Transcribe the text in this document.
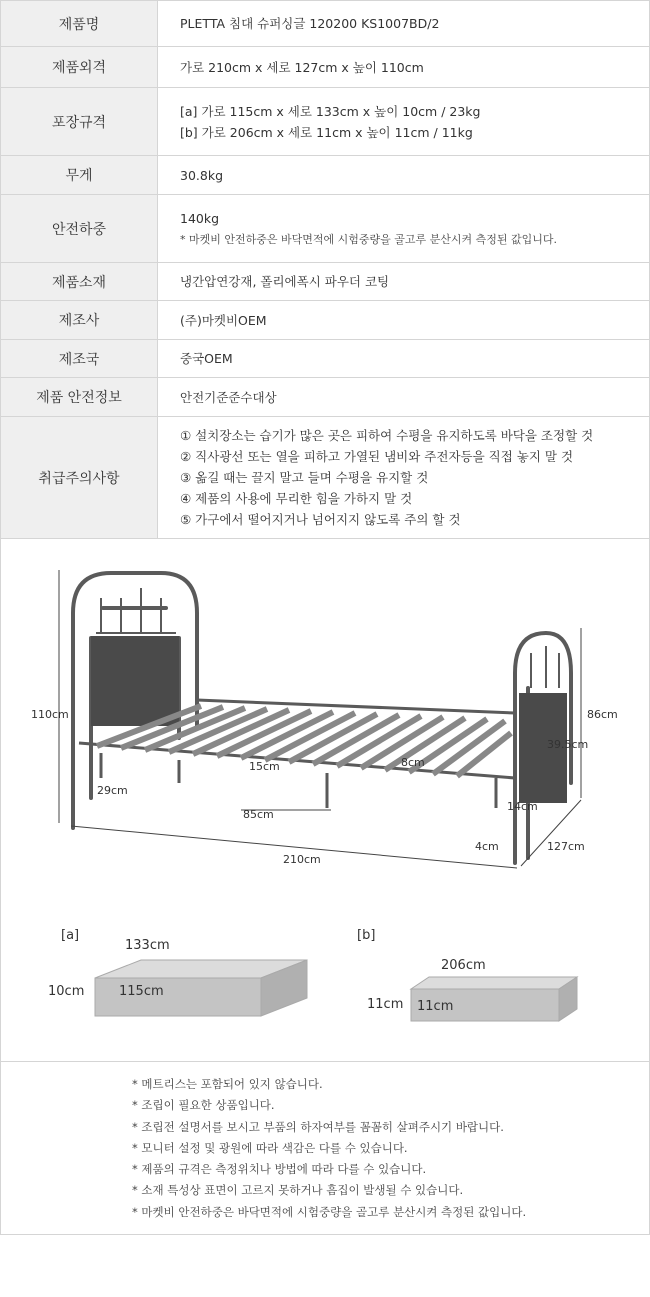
제품명	PLETTA 침대 슈퍼싱글 120200 KS1007BD/2

제품외격	가로 210cm x 세로 127cm x 높이 110cm

포장규격	[a] 가로 115cm x 세로 133cm x 높이 10cm / 23kg
[b] 가로 206cm x 세로 11cm x 높이 11cm / 11kg

무게	30.8kg

안전하중	140kg
* 마켓비 안전하중은 바닥면적에 시험중량을 골고루 분산시켜 측정된 값입니다.

제품소재	냉간압연강재, 폴리에폭시 파우더 코팅

제조사	(주)마켓비OEM

제조국	중국OEM

제품 안전정보	안전기준준수대상

취급주의사항	① 설치장소는 습기가 많은 곳은 피하여 수평을 유지하도록 바닥을 조정할 것
② 직사광선 또는 열을 피하고 가열된 냄비와 주전자등을 직접 놓지 말 것
③ 옮길 때는 끌지 말고 들며 수평을 유지할 것
④ 제품의 사용에 무리한 힘을 가하지 말 것
⑤ 가구에서 떨어지거나 넘어지지 않도록 주의 할 것
110cm
29cm
15cm	8cm
85cm
210cm
86cm
39.5cm
14cm
4cm	127cm
[a]
133cm
10cm	115cm
[b]
206cm
11cm 11cm
* 메트리스는 포함되어 있지 않습니다.
* 조립이 필요한 상품입니다.
* 조립전 설명서를 보시고 부품의 하자여부를 꼼꼼히 살펴주시기 바랍니다.
* 모니터 설정 및 광원에 따라 색감은 다를 수 있습니다.
* 제품의 규격은 측정위치나 방법에 따라 다를 수 있습니다.
* 소재 특성상 표면이 고르지 못하거나 흠집이 발생될 수 있습니다.
* 마켓비 안전하중은 바닥면적에 시험중량을 골고루 분산시켜 측정된 값입니다.
